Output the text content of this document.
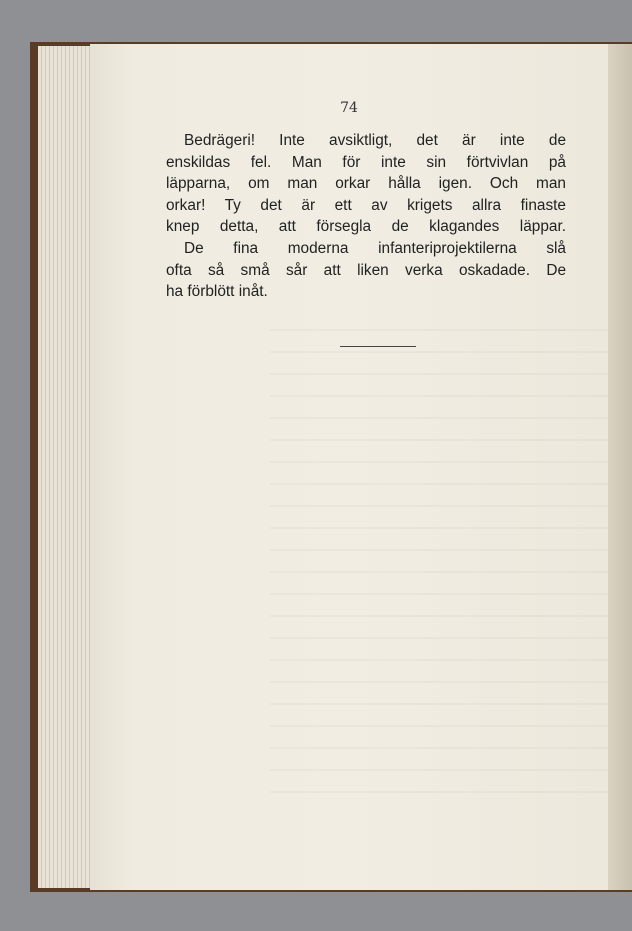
74
Bedrägeri! Inte avsiktligt, det är inte de
enskildas fel. Man för inte sin förtvivlan på
läpparna, om man orkar hålla igen. Och man
orkar! Ty det är ett av krigets allra finaste
knep detta, att försegla de klagandes läppar.
De fina moderna infanteriprojektilerna slå
ofta så små sår att liken verka oskadade. De
ha förblött inåt.
